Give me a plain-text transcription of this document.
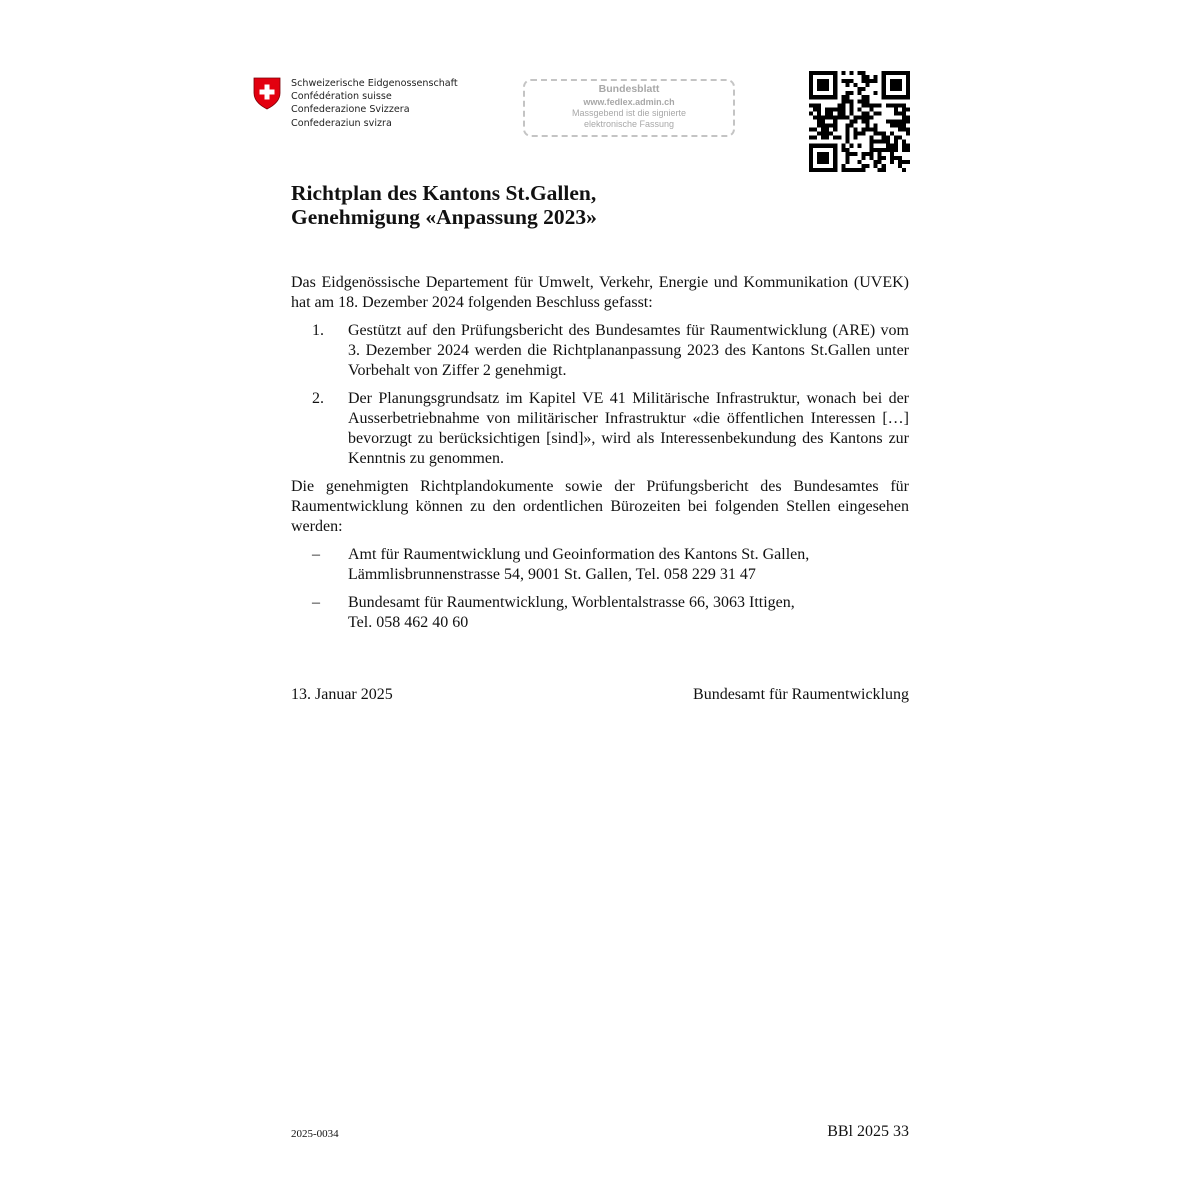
Schweizerische Eidgenossenschaft
Confédération suisse
Confederazione Svizzera
Confederaziun svizra
Bundesblatt
www.fedlex.admin.ch
Massgebend ist die signierte
elektronische Fassung
Richtplan des Kantons St.Gallen,
Genehmigung «Anpassung 2023»

Das Eidgenössische Departement für Umwelt, Verkehr, Energie und Kommunikation (UVEK) hat am 18. Dezember 2024 folgenden Beschluss gefasst:

1.	Gestützt auf den Prüfungsbericht des Bundesamtes für Raumentwicklung (ARE) vom 3. Dezember 2024 werden die Richtplananpassung 2023 des Kantons St.Gallen unter Vorbehalt von Ziffer 2 genehmigt.
2.	Der Planungsgrundsatz im Kapitel VE 41 Militärische Infrastruktur, wonach bei der Ausserbetriebnahme von militärischer Infrastruktur «die öffentlichen Interessen […] bevorzugt zu berücksichtigen [sind]», wird als Interessenbekundung des Kantons zur Kenntnis zu genommen.

Die genehmigten Richtplandokumente sowie der Prüfungsbericht des Bundesamtes für Raumentwicklung können zu den ordentlichen Bürozeiten bei folgenden Stellen eingesehen werden:

–	Amt für Raumentwicklung und Geoinformation des Kantons St. Gallen,
Lämmlisbrunnenstrasse 54, 9001 St. Gallen, Tel. 058 229 31 47
–	Bundesamt für Raumentwicklung, Worblentalstrasse 66, 3063 Ittigen,
Tel. 058 462 40 60
13. Januar 2025	Bundesamt für Raumentwicklung
2025-0034	BBl 2025 33
